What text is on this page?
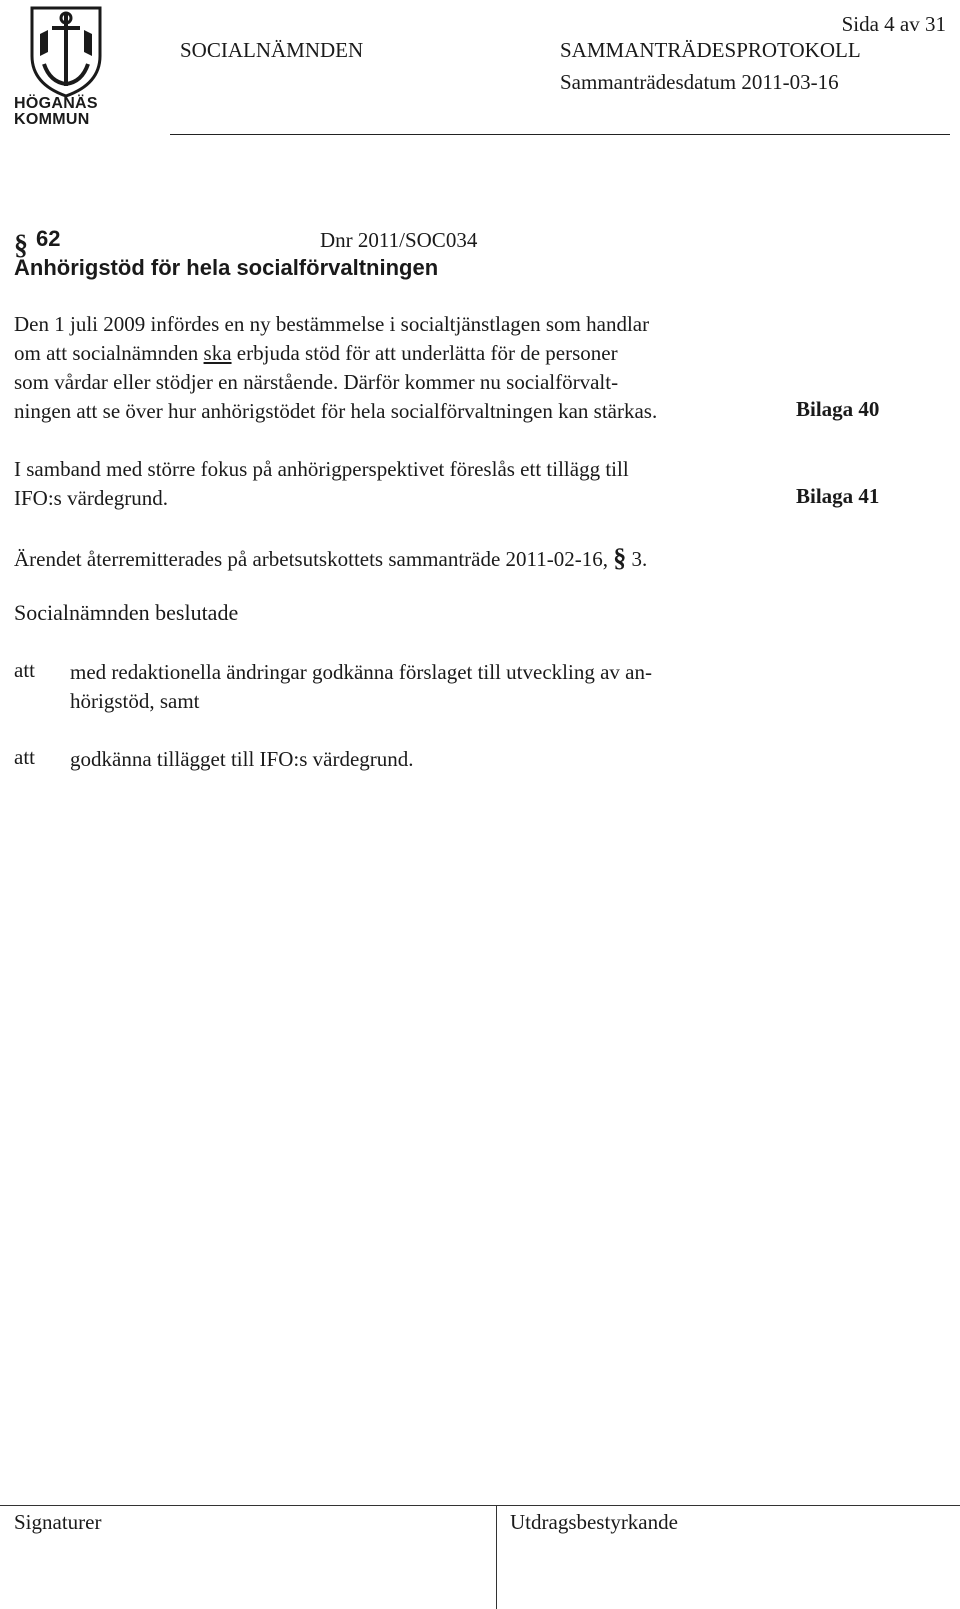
HÖGANÄS
KOMMUN
Sida 4 av 31
SOCIALNÄMNDEN	SAMMANTRÄDESPROTOKOLL
Sammanträdesdatum 2011-03-16
§ 62	Dnr 2011/SOC034
Anhörigstöd för hela socialförvaltningen
Den 1 juli 2009 infördes en ny bestämmelse i socialtjänstlagen som handlar
om att socialnämnden ska erbjuda stöd för att underlätta för de personer
som vårdar eller stödjer en närstående. Därför kommer nu socialförvalt-
ningen att se över hur anhörigstödet för hela socialförvaltningen kan stärkas.	Bilaga 40
I samband med större fokus på anhörigperspektivet föreslås ett tillägg till
IFO:s värdegrund.	Bilaga 41
Ärendet återremitterades på arbetsutskottets sammanträde 2011-02-16, § 3.
Socialnämnden beslutade
att med redaktionella ändringar godkänna förslaget till utveckling av an-
hörigstöd, samt
att godkänna tillägget till IFO:s värdegrund.
Signaturer	Utdragsbestyrkande
